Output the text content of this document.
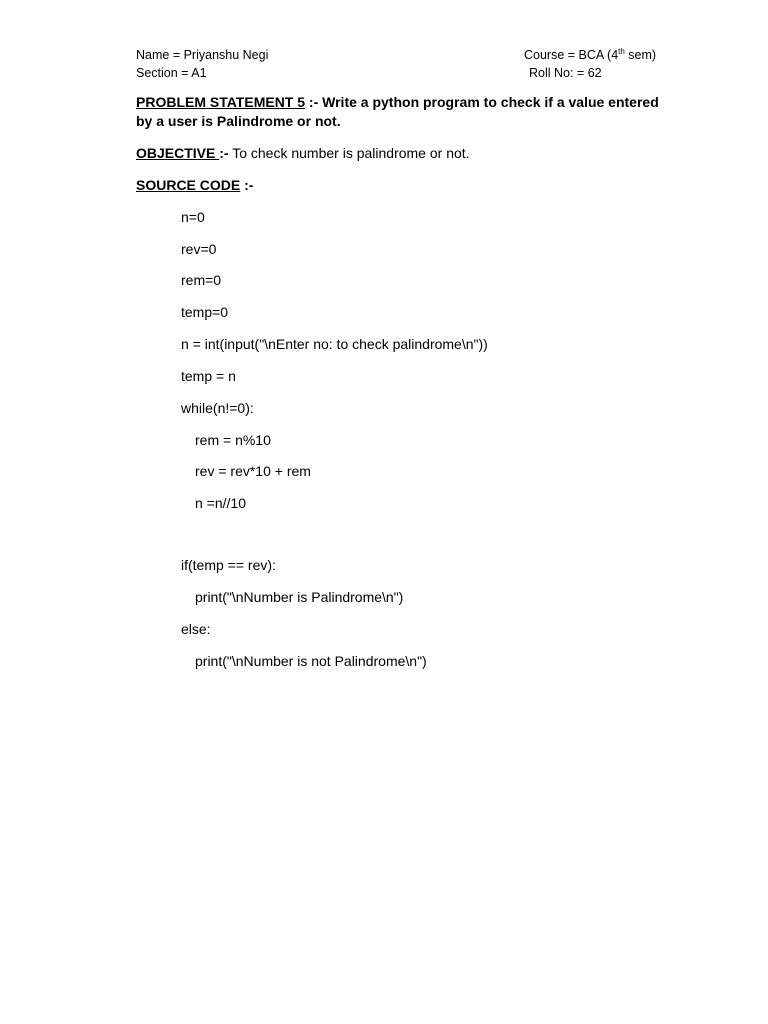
Name = Priyanshu Negi
Section = A1
Course = BCA (4th sem)
Roll No: = 62
PROBLEM STATEMENT 5 :- Write a python program to check if a value entered by a user is Palindrome or not.
OBJECTIVE :- To check number is palindrome or not.
SOURCE CODE :-
n=0
rev=0
rem=0
temp=0
n = int(input("\nEnter no: to check palindrome\n"))
temp = n
while(n!=0):
rem = n%10
rev = rev*10 + rem
n =n//10
if(temp == rev):
print("\nNumber is Palindrome\n")
else:
print("\nNumber is not Palindrome\n")
